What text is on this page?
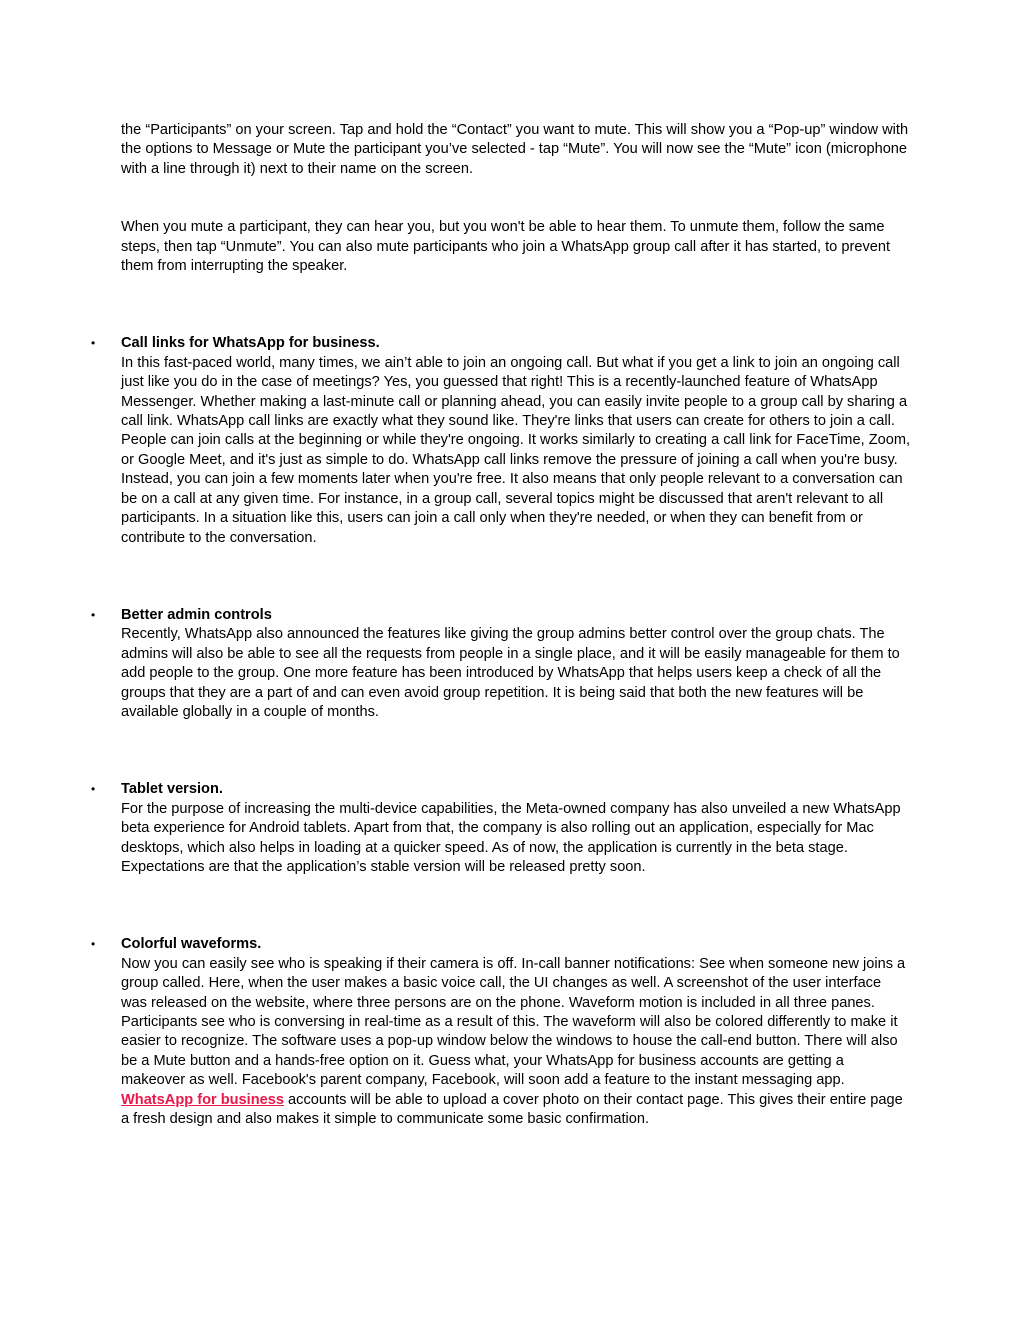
the “Participants” on your screen. Tap and hold the “Contact” you want to mute. This will show you a “Pop-up” window with the options to Message or Mute the participant you’ve selected - tap “Mute”. You will now see the “Mute” icon (microphone with a line through it) next to their name on the screen.

When you mute a participant, they can hear you, but you won't be able to hear them. To unmute them, follow the same steps, then tap “Unmute”. You can also mute participants who join a WhatsApp group call after it has started, to prevent them from interrupting the speaker.

• Call links for WhatsApp for business.
In this fast-paced world, many times, we ain’t able to join an ongoing call. But what if you get a link to join an ongoing call just like you do in the case of meetings? Yes, you guessed that right! This is a recently-launched feature of WhatsApp Messenger. Whether making a last-minute call or planning ahead, you can easily invite people to a group call by sharing a call link. WhatsApp call links are exactly what they sound like. They're links that users can create for others to join a call. People can join calls at the beginning or while they're ongoing. It works similarly to creating a call link for FaceTime, Zoom, or Google Meet, and it's just as simple to do. WhatsApp call links remove the pressure of joining a call when you're busy. Instead, you can join a few moments later when you're free. It also means that only people relevant to a conversation can be on a call at any given time. For instance, in a group call, several topics might be discussed that aren't relevant to all participants. In a situation like this, users can join a call only when they're needed, or when they can benefit from or contribute to the conversation.
• Better admin controls
Recently, WhatsApp also announced the features like giving the group admins better control over the group chats. The admins will also be able to see all the requests from people in a single place, and it will be easily manageable for them to add people to the group. One more feature has been introduced by WhatsApp that helps users keep a check of all the groups that they are a part of and can even avoid group repetition. It is being said that both the new features will be available globally in a couple of months.
• Tablet version.
For the purpose of increasing the multi-device capabilities, the Meta-owned company has also unveiled a new WhatsApp beta experience for Android tablets. Apart from that, the company is also rolling out an application, especially for Mac desktops, which also helps in loading at a quicker speed. As of now, the application is currently in the beta stage. Expectations are that the application’s stable version will be released pretty soon.
• Colorful waveforms.
Now you can easily see who is speaking if their camera is off. In-call banner notifications: See when someone new joins a group called. Here, when the user makes a basic voice call, the UI changes as well. A screenshot of the user interface was released on the website, where three persons are on the phone. Waveform motion is included in all three panes. Participants see who is conversing in real-time as a result of this. The waveform will also be colored differently to make it easier to recognize. The software uses a pop-up window below the windows to house the call-end button. There will also be a Mute button and a hands-free option on it. Guess what, your WhatsApp for business accounts are getting a makeover as well. Facebook's parent company, Facebook, will soon add a feature to the instant messaging app. WhatsApp for business accounts will be able to upload a cover photo on their contact page. This gives their entire page a fresh design and also makes it simple to communicate some basic confirmation.
